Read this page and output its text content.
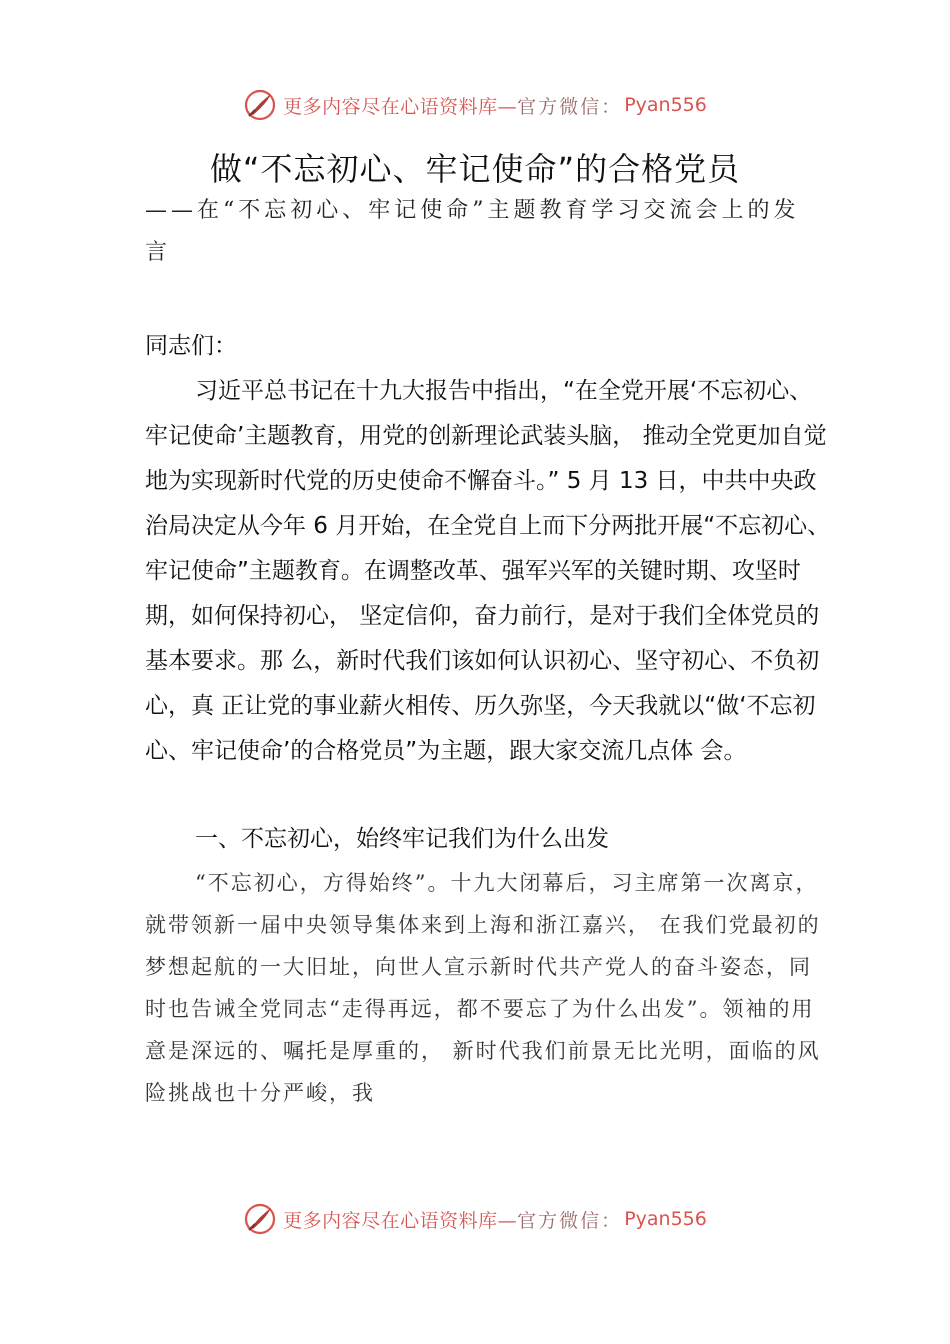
更多内容尽在心语资料库— 官方微信： Pyan556
做“不忘初心、牢记使命”的合格党员
——在“不忘初心、牢记使命”主题教育学习交流会上的发言
同志们：
习近平总书记在十九大报告中指出，“在全党开展‘不忘初心、牢记使命’主题教育，用党的创新理论武装头脑， 推动全党更加自觉地为实现新时代党的历史使命不懈奋斗。” 5 月 13 日，中共中央政治局决定从今年 6 月开始，在全党自上而下分两批开展“不忘初心、牢记使命”主题教育。在调整改革、强军兴军的关键时期、攻坚时期，如何保持初心， 坚定信仰，奋力前行，是对于我们全体党员的基本要求。那 么，新时代我们该如何认识初心、坚守初心、不负初心，真 正让党的事业薪火相传、历久弥坚，今天我就以“做‘不忘初心、牢记使命’的合格党员”为主题，跟大家交流几点体 会。
一、不忘初心，始终牢记我们为什么出发
“不忘初心，方得始终”。十九大闭幕后，习主席第一次离京，就带领新一届中央领导集体来到上海和浙江嘉兴， 在我们党最初的梦想起航的一大旧址，向世人宣示新时代共产党人的奋斗姿态，同时也告诫全党同志“走得再远，都不要忘了为什么出发”。领袖的用意是深远的、嘱托是厚重的， 新时代我们前景无比光明，面临的风险挑战也十分严峻，我
更多内容尽在心语资料库— 官方微信： Pyan556
